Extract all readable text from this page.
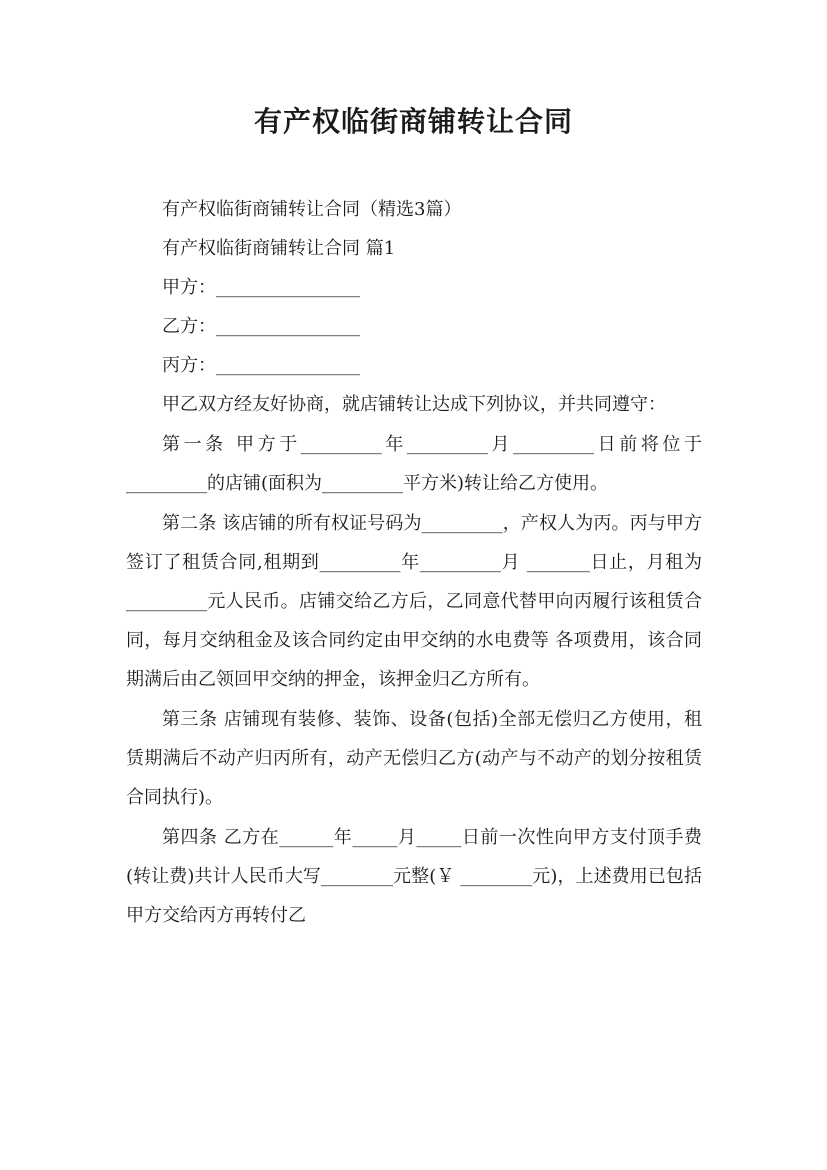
有产权临街商铺转让合同

有产权临街商铺转让合同（精选3篇）

有产权临街商铺转让合同 篇1

甲方：________________

乙方：________________

丙方：________________

甲乙双方经友好协商，就店铺转让达成下列协议，并共同遵守：

第一条 甲方于_________年_________月_________日前将位于_________的店铺(面积为_________平方米)转让给乙方使用。

第二条 该店铺的所有权证号码为_________，产权人为丙。丙与甲方签订了租赁合同,租期到_________年_________月 _______日止，月租为_________元人民币。店铺交给乙方后，乙同意代替甲向丙履行该租赁合同，每月交纳租金及该合同约定由甲交纳的水电费等 各项费用，该合同期满后由乙领回甲交纳的押金，该押金归乙方所有。

第三条 店铺现有装修、装饰、设备(包括)全部无偿归乙方使用，租赁期满后不动产归丙所有，动产无偿归乙方(动产与不动产的划分按租赁合同执行)。

第四条 乙方在______年_____月_____日前一次性向甲方支付顶手费(转让费)共计人民币大写________元整(￥ ________元)，上述费用已包括甲方交给丙方再转付乙
